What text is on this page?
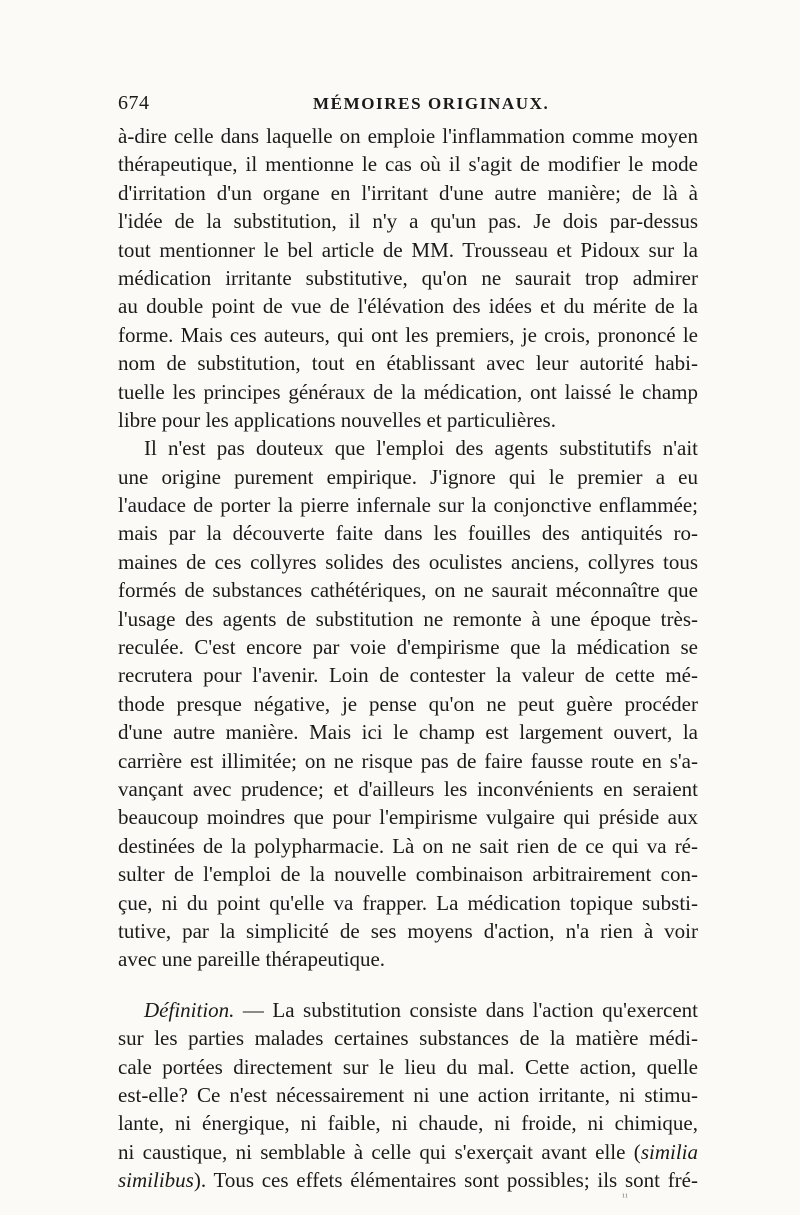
674	MÉMOIRES ORIGINAUX.
à-dire celle dans laquelle on emploie l'inflammation comme moyen
thérapeutique, il mentionne le cas où il s'agit de modifier le mode
d'irritation d'un organe en l'irritant d'une autre manière; de là à
l'idée de la substitution, il n'y a qu'un pas. Je dois par-dessus
tout mentionner le bel article de MM. Trousseau et Pidoux sur la
médication irritante substitutive, qu'on ne saurait trop admirer
au double point de vue de l'élévation des idées et du mérite de la
forme. Mais ces auteurs, qui ont les premiers, je crois, prononcé le
nom de substitution, tout en établissant avec leur autorité habi-
tuelle les principes généraux de la médication, ont laissé le champ
libre pour les applications nouvelles et particulières.
Il n'est pas douteux que l'emploi des agents substitutifs n'ait
une origine purement empirique. J'ignore qui le premier a eu
l'audace de porter la pierre infernale sur la conjonctive enflammée;
mais par la découverte faite dans les fouilles des antiquités ro-
maines de ces collyres solides des oculistes anciens, collyres tous
formés de substances cathétériques, on ne saurait méconnaître que
l'usage des agents de substitution ne remonte à une époque très-
reculée. C'est encore par voie d'empirisme que la médication se
recrutera pour l'avenir. Loin de contester la valeur de cette mé-
thode presque négative, je pense qu'on ne peut guère procéder
d'une autre manière. Mais ici le champ est largement ouvert, la
carrière est illimitée; on ne risque pas de faire fausse route en s'a-
vançant avec prudence; et d'ailleurs les inconvénients en seraient
beaucoup moindres que pour l'empirisme vulgaire qui préside aux
destinées de la polypharmacie. Là on ne sait rien de ce qui va ré-
sulter de l'emploi de la nouvelle combinaison arbitrairement con-
çue, ni du point qu'elle va frapper. La médication topique substi-
tutive, par la simplicité de ses moyens d'action, n'a rien à voir
avec une pareille thérapeutique.
Définition. — La substitution consiste dans l'action qu'exercent
sur les parties malades certaines substances de la matière médi-
cale portées directement sur le lieu du mal. Cette action, quelle
est-elle? Ce n'est nécessairement ni une action irritante, ni stimu-
lante, ni énergique, ni faible, ni chaude, ni froide, ni chimique,
ni caustique, ni semblable à celle qui s'exerçait avant elle (similia
similibus). Tous ces effets élémentaires sont possibles; ils sont fré-
¹¹
